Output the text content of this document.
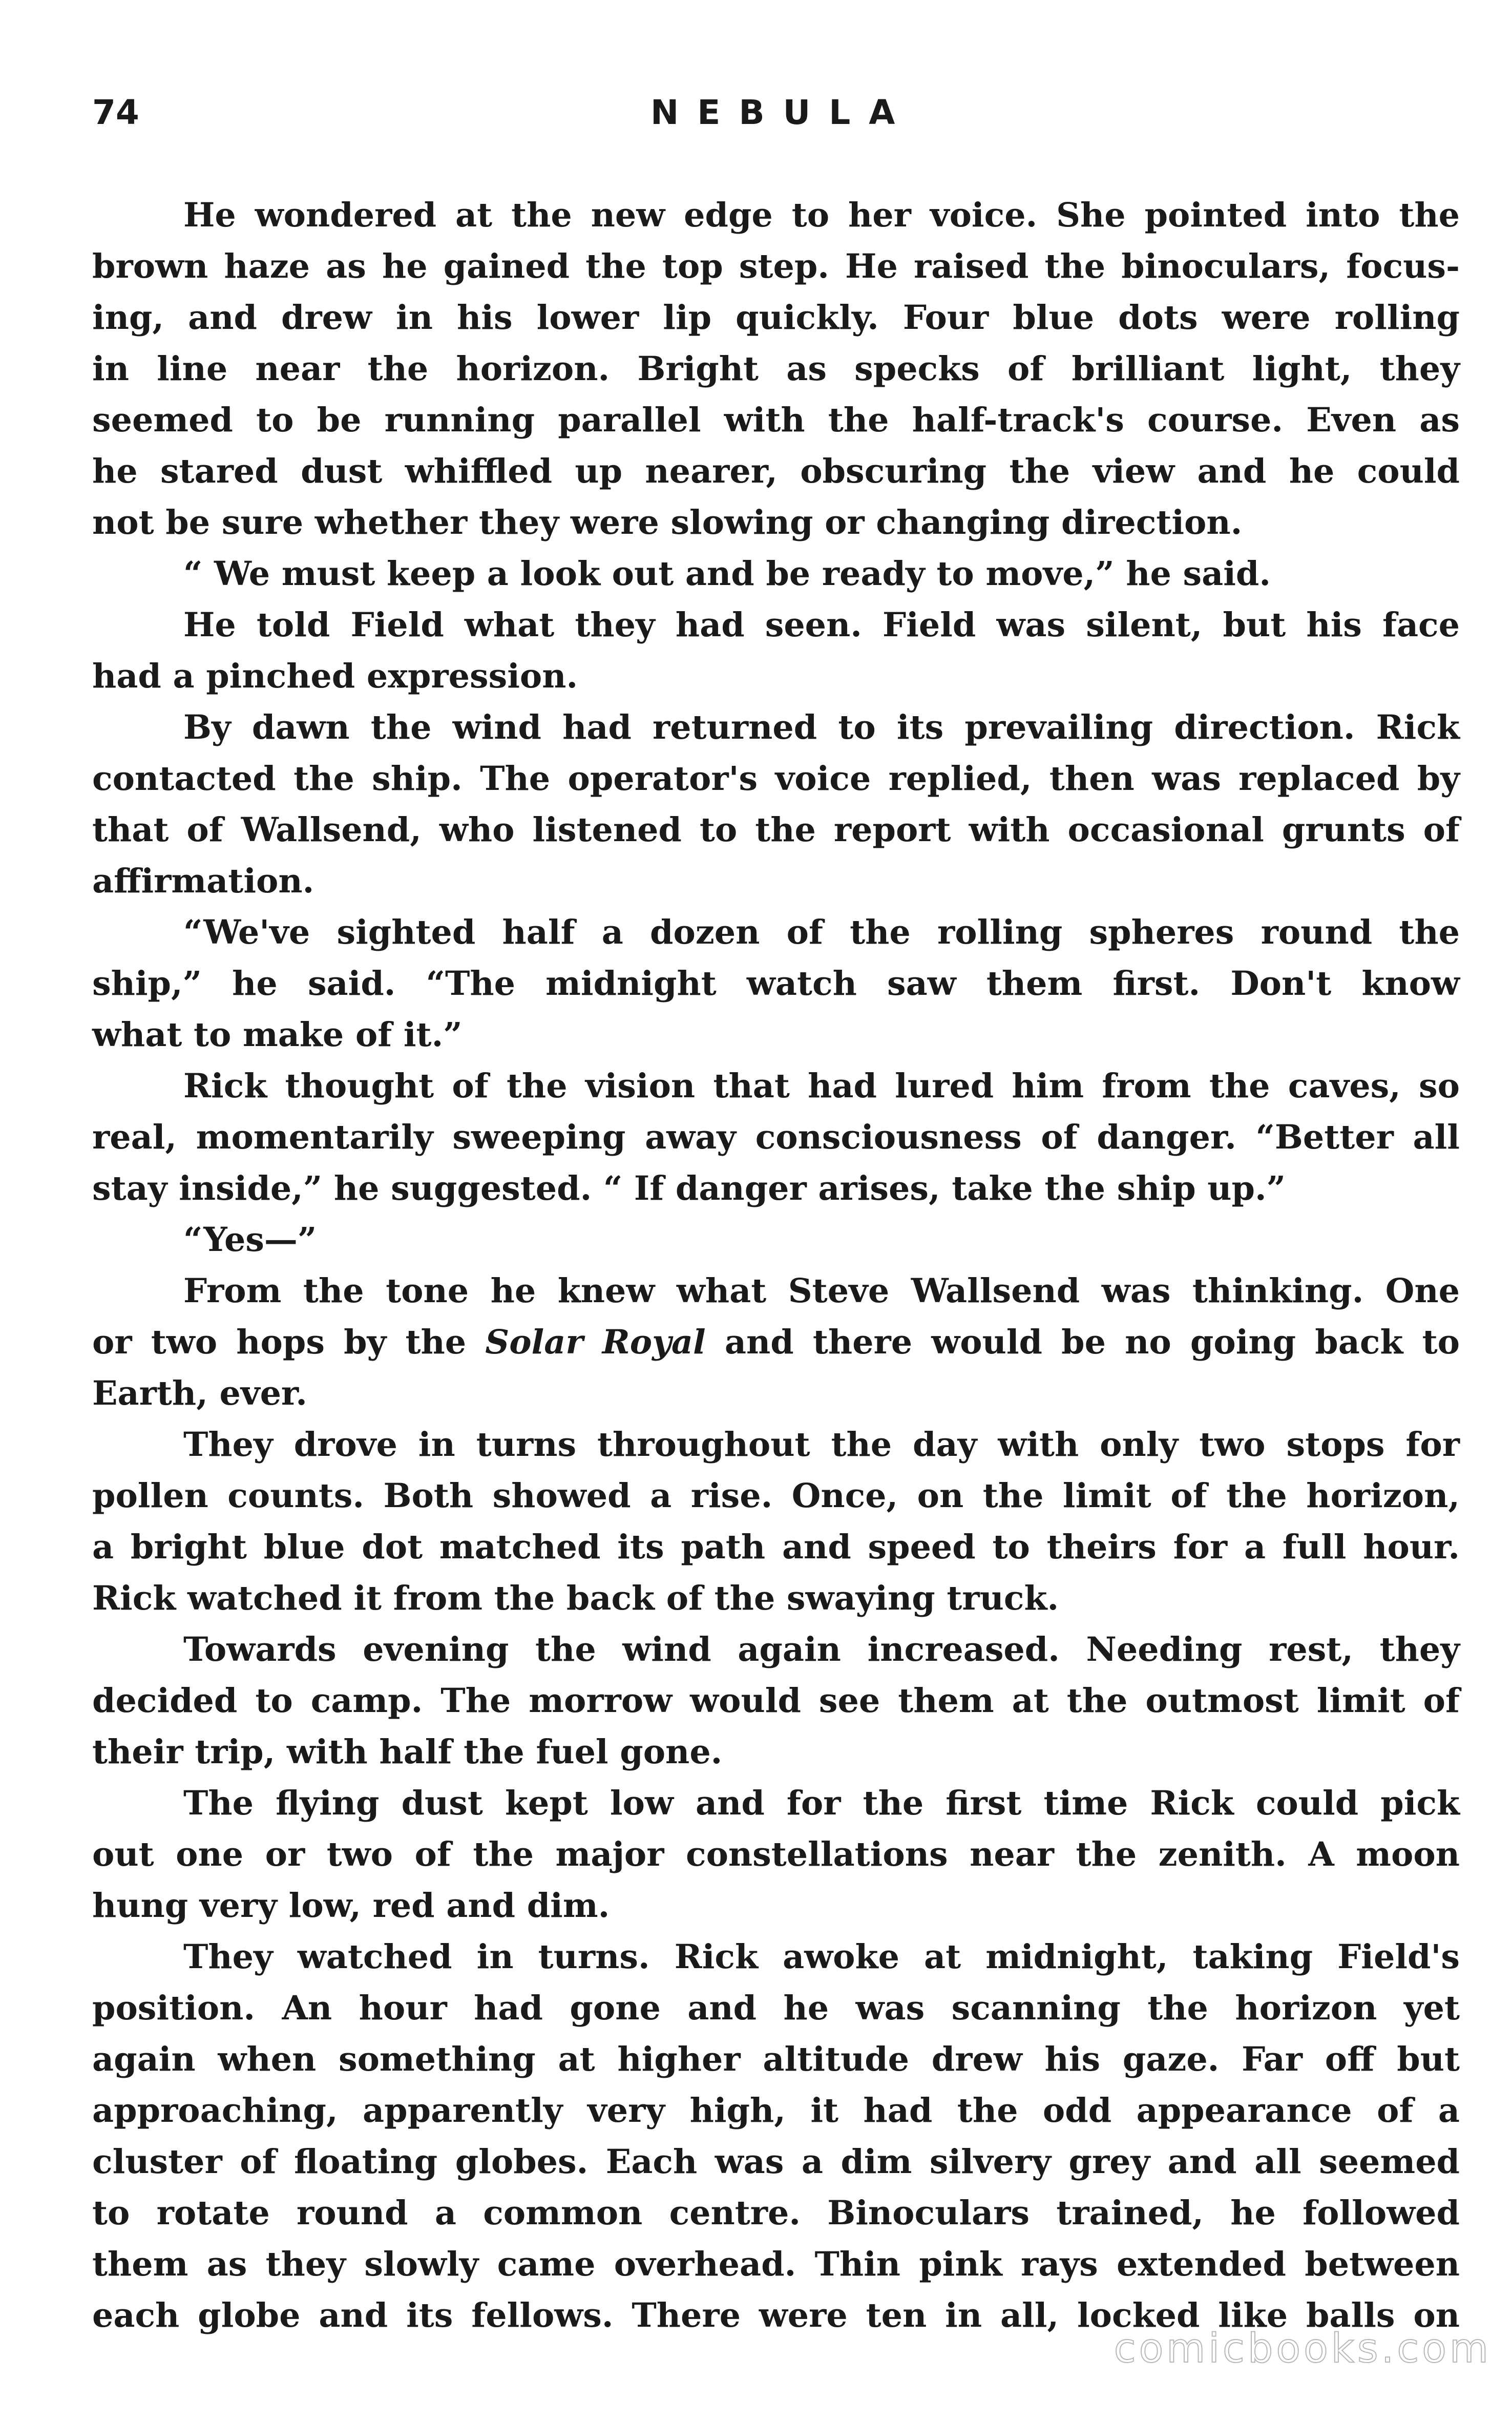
74	NEBULA
He wondered at the new edge to her voice. She pointed into the
brown haze as he gained the top step. He raised the binoculars, focus-
ing, and drew in his lower lip quickly. Four blue dots were rolling
in line near the horizon. Bright as specks of brilliant light, they
seemed to be running parallel with the half-track's course. Even as
he stared dust whiffled up nearer, obscuring the view and he could
not be sure whether they were slowing or changing direction.
“ We must keep a look out and be ready to move,” he said.
He told Field what they had seen. Field was silent, but his face
had a pinched expression.
By dawn the wind had returned to its prevailing direction. Rick
contacted the ship. The operator's voice replied, then was replaced by
that of Wallsend, who listened to the report with occasional grunts of
affirmation.
“We've sighted half a dozen of the rolling spheres round the
ship,” he said. “The midnight watch saw them first. Don't know
what to make of it.”
Rick thought of the vision that had lured him from the caves, so
real, momentarily sweeping away consciousness of danger. “Better all
stay inside,” he suggested. “ If danger arises, take the ship up.”
“Yes—”
From the tone he knew what Steve Wallsend was thinking. One
or two hops by the Solar Royal and there would be no going back to
Earth, ever.
They drove in turns throughout the day with only two stops for
pollen counts. Both showed a rise. Once, on the limit of the horizon,
a bright blue dot matched its path and speed to theirs for a full hour.
Rick watched it from the back of the swaying truck.
Towards evening the wind again increased. Needing rest, they
decided to camp. The morrow would see them at the outmost limit of
their trip, with half the fuel gone.
The flying dust kept low and for the first time Rick could pick
out one or two of the major constellations near the zenith. A moon
hung very low, red and dim.
They watched in turns. Rick awoke at midnight, taking Field's
position. An hour had gone and he was scanning the horizon yet
again when something at higher altitude drew his gaze. Far off but
approaching, apparently very high, it had the odd appearance of a
cluster of floating globes. Each was a dim silvery grey and all seemed
to rotate round a common centre. Binoculars trained, he followed
them as they slowly came overhead. Thin pink rays extended between
each globe and its fellows. There were ten in all, locked like balls on
comicbooks.com
